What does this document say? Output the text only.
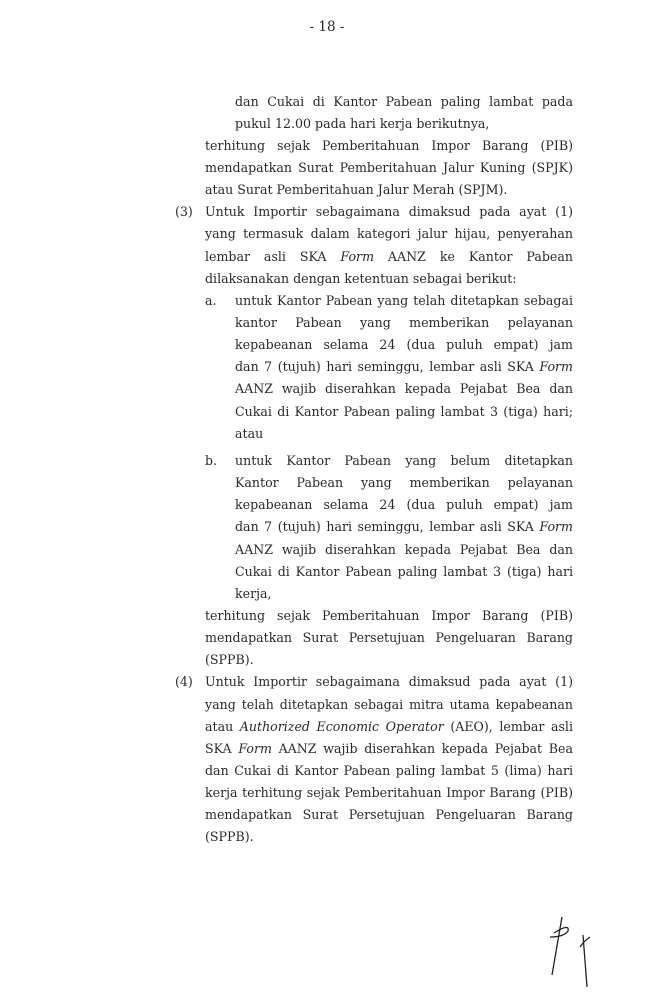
- 18 -
dan Cukai di Kantor Pabean paling lambat pada
pukul 12.00 pada hari kerja berikutnya,
terhitung sejak Pemberitahuan Impor Barang (PIB)
mendapatkan Surat Pemberitahuan Jalur Kuning (SPJK)
atau Surat Pemberitahuan Jalur Merah (SPJM).
Untuk Importir sebagaimana dimaksud pada ayat (1)
(3)
yang termasuk dalam kategori jalur hijau, penyerahan
lembar asli SKA Form AANZ ke Kantor Pabean
dilaksanakan dengan ketentuan sebagai berikut:
untuk Kantor Pabean yang telah ditetapkan sebagai
a.
kantor Pabean yang memberikan pelayanan
kepabeanan selama 24 (dua puluh empat) jam
dan 7 (tujuh) hari seminggu, lembar asli SKA Form
AANZ wajib diserahkan kepada Pejabat Bea dan
Cukai di Kantor Pabean paling lambat 3 (tiga) hari;
atau
untuk Kantor Pabean yang belum ditetapkan
b.
Kantor Pabean yang memberikan pelayanan
kepabeanan selama 24 (dua puluh empat) jam
dan 7 (tujuh) hari seminggu, lembar asli SKA Form
AANZ wajib diserahkan kepada Pejabat Bea dan
Cukai di Kantor Pabean paling lambat 3 (tiga) hari
kerja,
terhitung sejak Pemberitahuan Impor Barang (PIB)
mendapatkan Surat Persetujuan Pengeluaran Barang
(SPPB).
Untuk Importir sebagaimana dimaksud pada ayat (1)
(4)
yang telah ditetapkan sebagai mitra utama kepabeanan
atau Authorized Economic Operator (AEO), lembar asli
SKA Form AANZ wajib diserahkan kepada Pejabat Bea
dan Cukai di Kantor Pabean paling lambat 5 (lima) hari
kerja terhitung sejak Pemberitahuan Impor Barang (PIB)
mendapatkan Surat Persetujuan Pengeluaran Barang
(SPPB).
